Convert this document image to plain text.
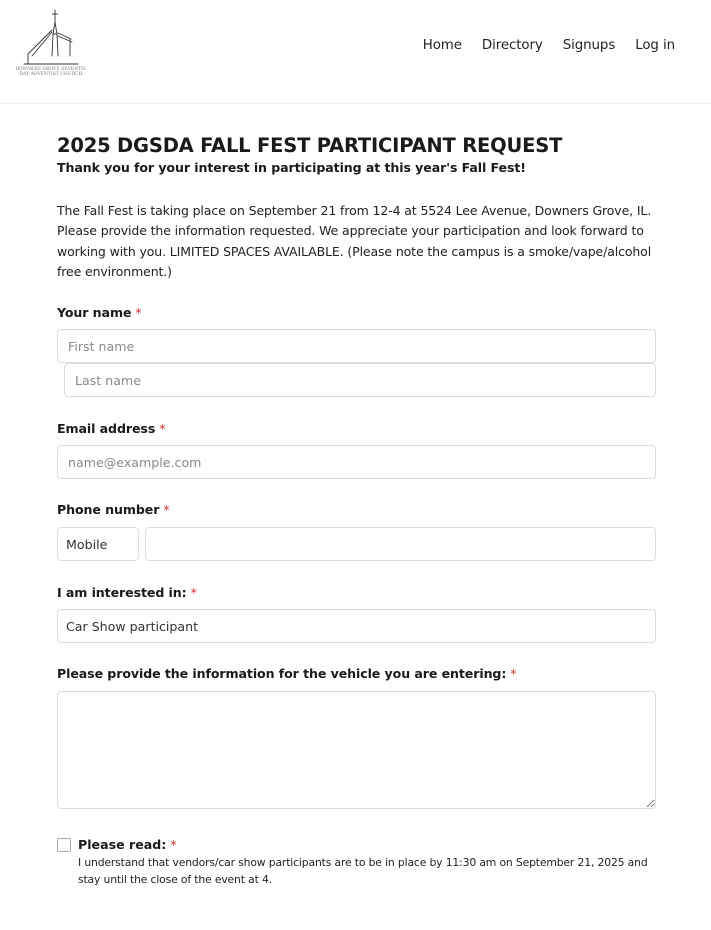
DOWNERS GROVE SEVENTH-DAY ADVENTIST CHURCH
Home Directory Signups Log in
2025 DGSDA FALL FEST PARTICIPANT REQUEST
Thank you for your interest in participating at this year's Fall Fest!
The Fall Fest is taking place on September 21 from 12-4 at 5524 Lee Avenue, Downers Grove, IL. Please provide the information requested. We appreciate your participation and look forward to working with you. LIMITED SPACES AVAILABLE. (Please note the campus is a smoke/vape/alcohol free environment.)
Your name *
First name
Last name
Email address *
name@example.com
Phone number *
Mobile
I am interested in: *
Car Show participant
Please provide the information for the vehicle you are entering: *
Please read: *
I understand that vendors/car show participants are to be in place by 11:30 am on September 21, 2025 and stay until the close of the event at 4.
